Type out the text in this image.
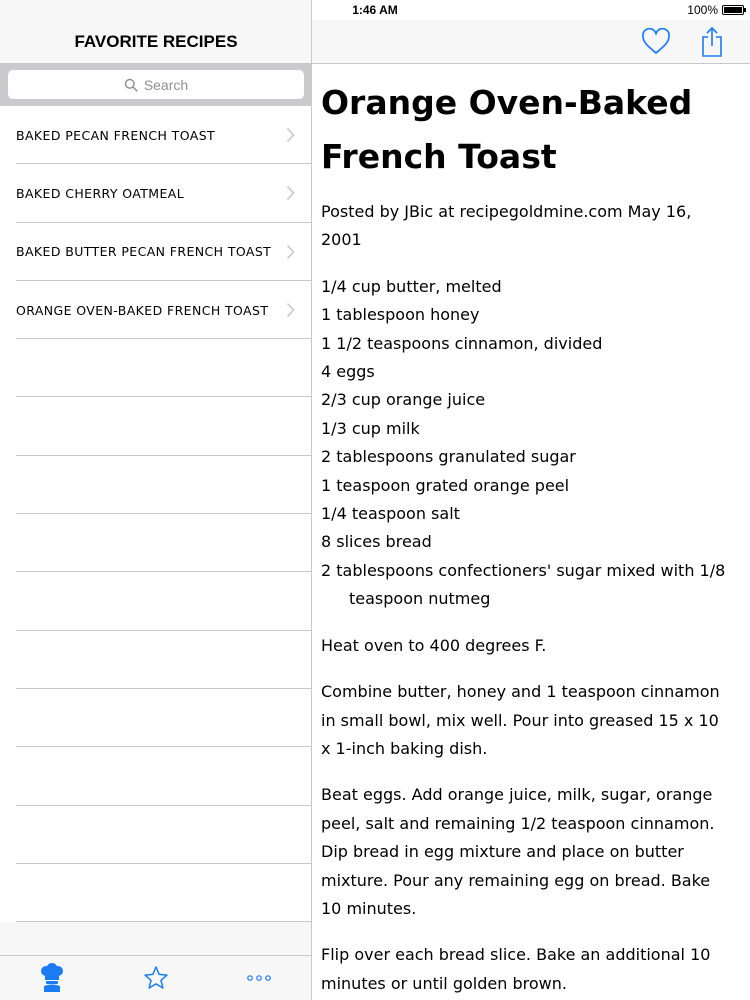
1:46 AM	100%
FAVORITE RECIPES
Search
BAKED PECAN FRENCH TOAST
BAKED CHERRY OATMEAL
BAKED BUTTER PECAN FRENCH TOAST
ORANGE OVEN-BAKED FRENCH TOAST
Orange Oven-Baked French Toast

Posted by JBic at recipegoldmine.com May 16, 2001

1/4 cup butter, melted
1 tablespoon honey
1 1/2 teaspoons cinnamon, divided
4 eggs
2/3 cup orange juice
1/3 cup milk
2 tablespoons granulated sugar
1 teaspoon grated orange peel
1/4 teaspoon salt
8 slices bread
2 tablespoons confectioners' sugar mixed with 1/8 teaspoon nutmeg

Heat oven to 400 degrees F.

Combine butter, honey and 1 teaspoon cinnamon in small bowl, mix well. Pour into greased 15 x 10 x 1-inch baking dish.

Beat eggs. Add orange juice, milk, sugar, orange peel, salt and remaining 1/2 teaspoon cinnamon. Dip bread in egg mixture and place on butter mixture. Pour any remaining egg on bread. Bake 10 minutes.

Flip over each bread slice. Bake an additional 10 minutes or until golden brown.
